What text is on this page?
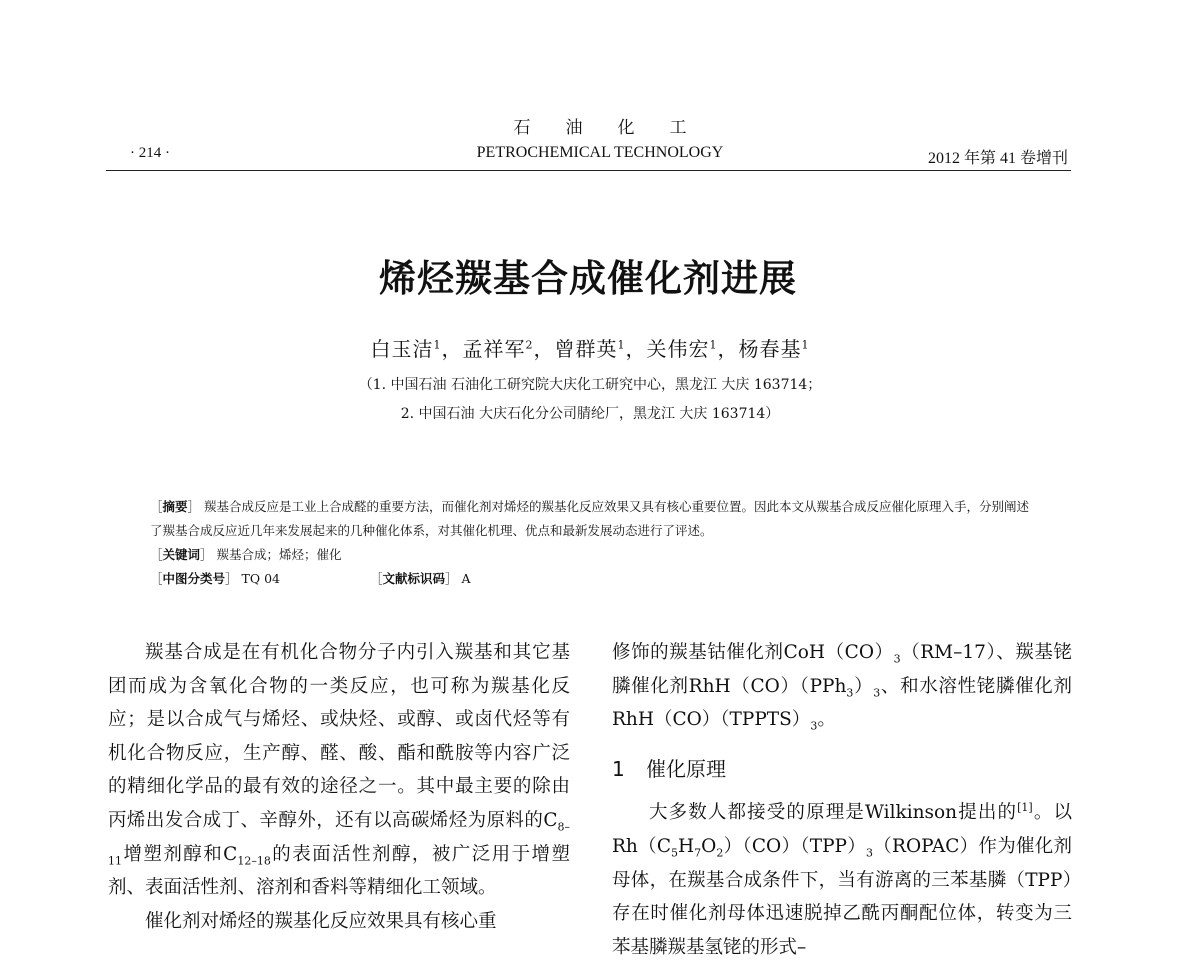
石 油 化 工
· 214 ·	PETROCHEMICAL TECHNOLOGY	2012 年第 41 卷增刊
烯烃羰基合成催化剂进展
白玉洁$^1$，孟祥军$^2$，曾群英$^1$，关伟宏$^1$，杨春基$^1$
（1. 中国石油 石油化工研究院大庆化工研究中心，黑龙江 大庆 163714；
2. 中国石油 大庆石化分公司腈纶厂，黑龙江 大庆 163714）

［摘要］ 羰基合成反应是工业上合成醛的重要方法，而催化剂对烯烃的羰基化反应效果又具有核心重要位置。因此本文从羰基合成反应催化原理入手，分别阐述了羰基合成反应近几年来发展起来的几种催化体系，对其催化机理、优点和最新发展动态进行了评述。

［关键词］ 羰基合成；烯烃；催化

［中图分类号］ TQ 04	［文献标识码］ A

羰基合成是在有机化合物分子内引入羰基和其它基团而成为含氧化合物的一类反应，也可称为羰基化反应；是以合成气与烯烃、或炔烃、或醇、或卤代烃等有机化合物反应，生产醇、醛、酸、酯和酰胺等内容广泛的精细化学品的最有效的途径之一。其中最主要的除由丙烯出发合成丁、辛醇外，还有以高碳烯烃为原料的$C_{8-11}$增塑剂醇和$C_{12-18}$的表面活性剂醇，被广泛用于增塑剂、表面活性剂、溶剂和香料等精细化工领域。

催化剂对烯烃的羰基化反应效果具有核心重

修饰的羰基钴催化剂$CoH(CO)_3(RM-17)$、羰基铑膦催化剂$RhH(CO)(PPh_3)_3$、和水溶性铑膦催化剂$RhH(CO)(TPPTS)_3$。

1 催化原理

大多数人都接受的原理是Wilkinson提出的[1]。以$Rh(C_5H_7O_2)(CO)(TPP)_3(ROPAC)$作为催化剂母体，在羰基合成条件下，当有游离的三苯基膦（TPP）存在时催化剂母体迅速脱掉乙酰丙酮配位体，转变为三苯基膦羰基氢铑的形式–
